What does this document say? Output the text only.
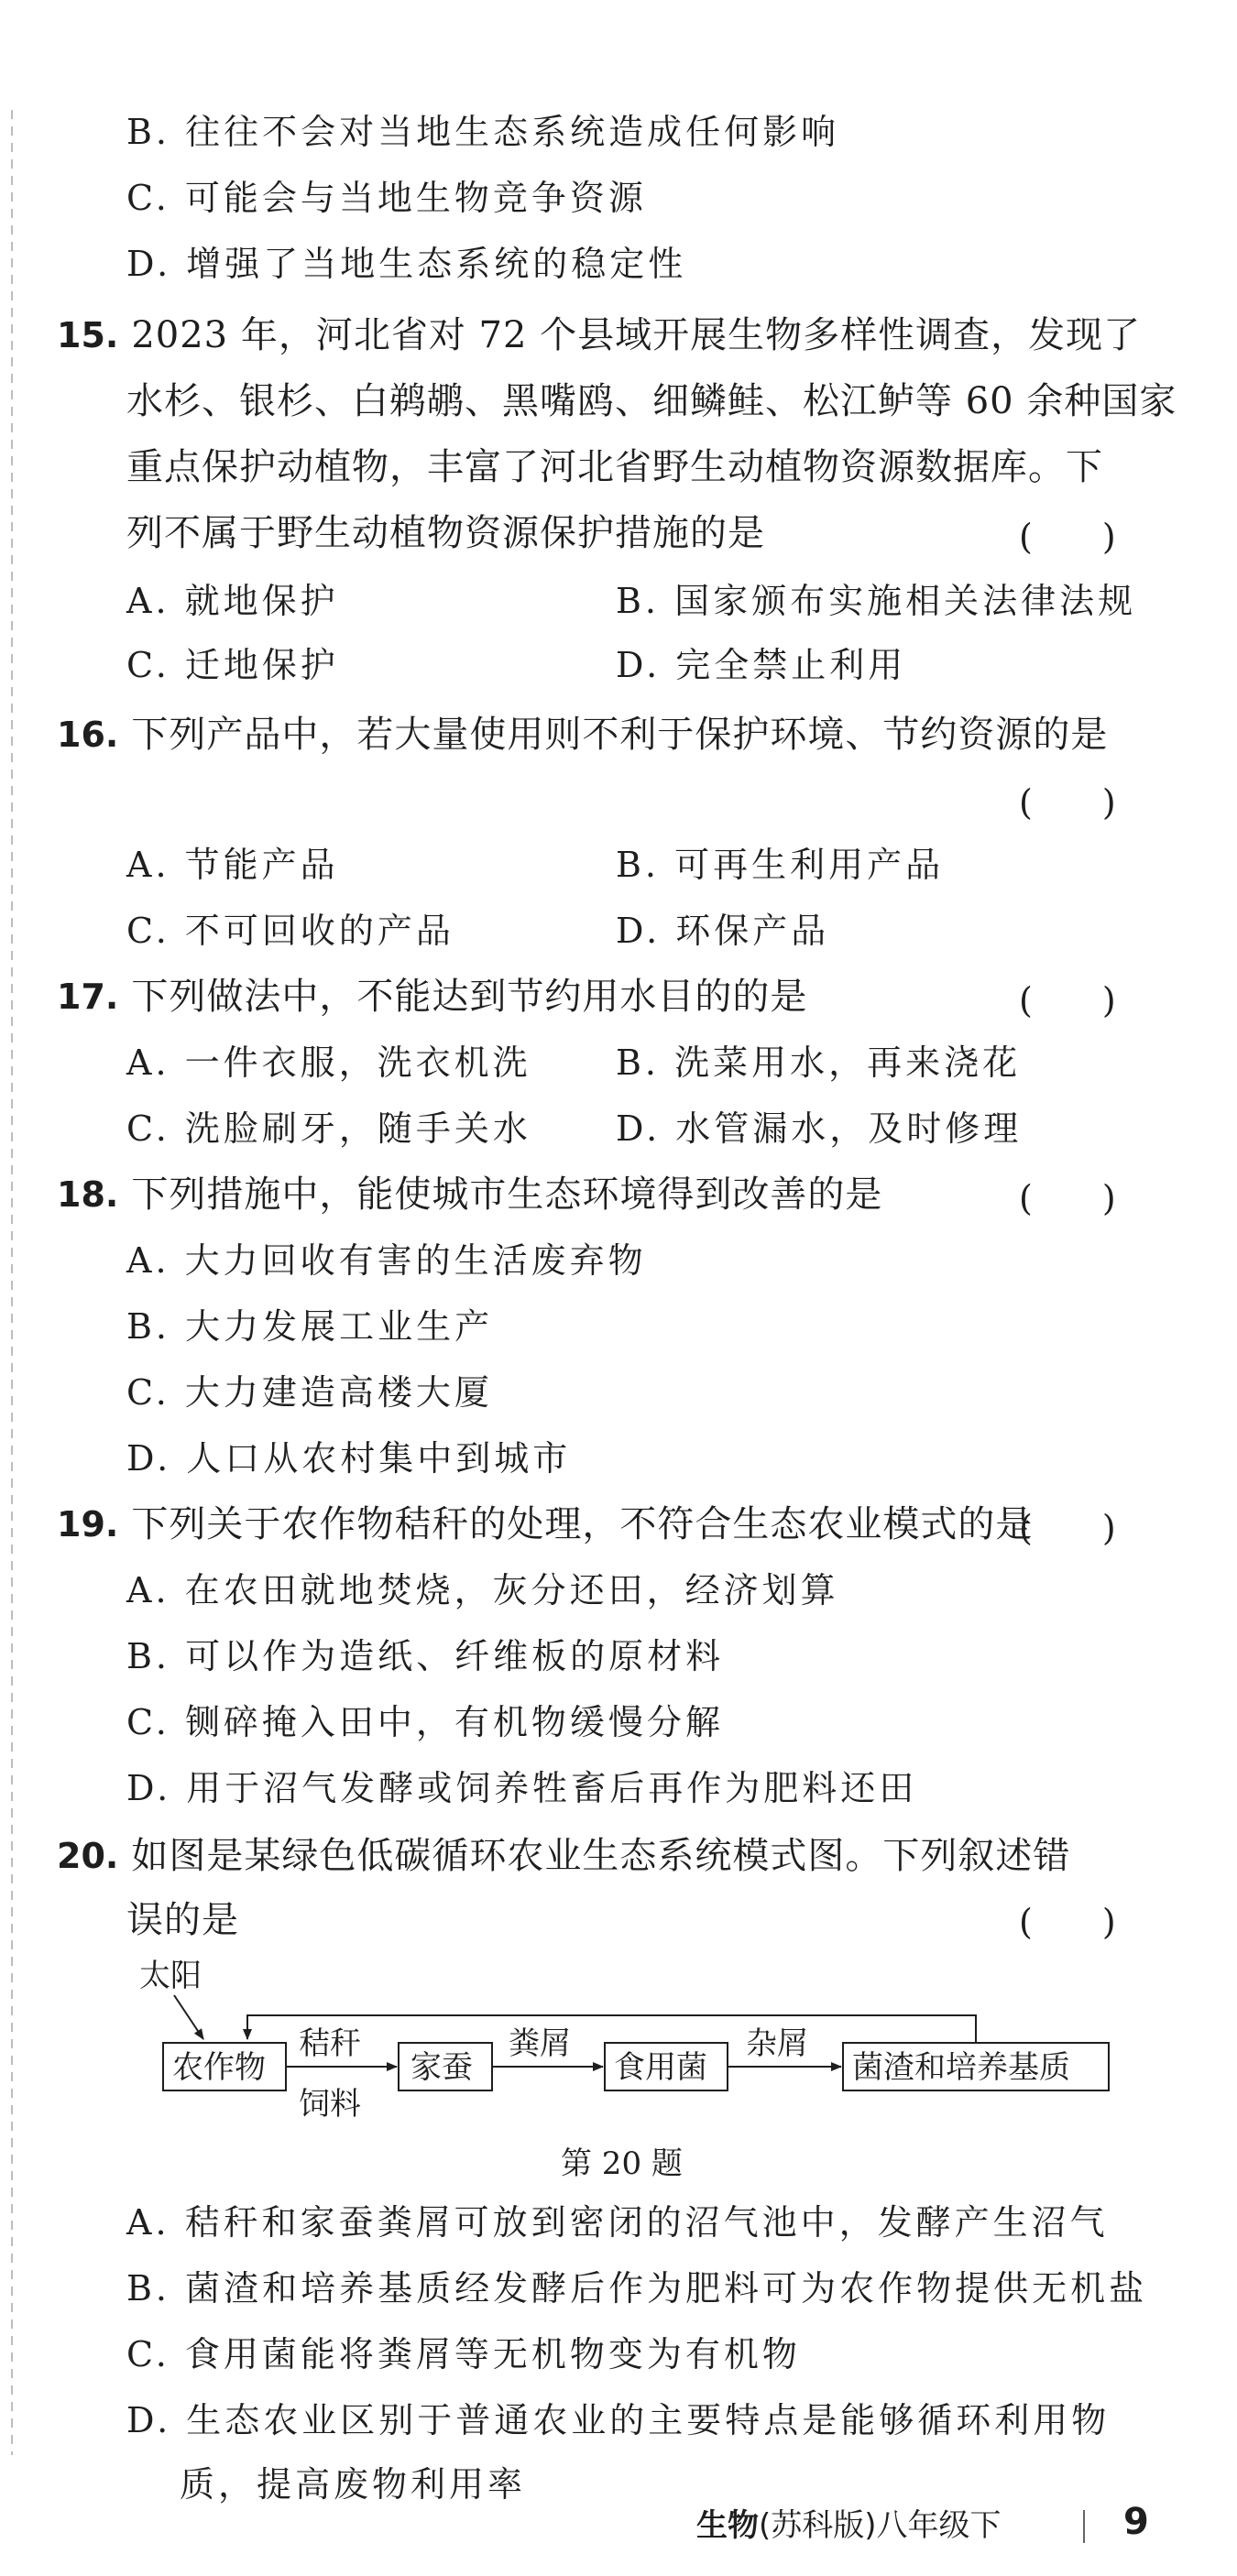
B. 往往不会对当地生态系统造成任何影响
C. 可能会与当地生物竞争资源
D. 增强了当地生态系统的稳定性
15. 2023 年，河北省对 72 个县域开展生物多样性调查，发现了
水杉、银杉、白鹈鹕、黑嘴鸥、细鳞鲑、松江鲈等 60 余种国家
重点保护动植物，丰富了河北省野生动植物资源数据库。下
列不属于野生动植物资源保护措施的是	(　　)
A. 就地保护	B. 国家颁布实施相关法律法规
C. 迁地保护	D. 完全禁止利用
16. 下列产品中，若大量使用则不利于保护环境、节约资源的是
(　　)
A. 节能产品	B. 可再生利用产品
C. 不可回收的产品	D. 环保产品
17. 下列做法中，不能达到节约用水目的的是	(　　)
A. 一件衣服，洗衣机洗 B. 洗菜用水，再来浇花
C. 洗脸刷牙，随手关水 D. 水管漏水，及时修理
18. 下列措施中，能使城市生态环境得到改善的是	(　　)
A. 大力回收有害的生活废弃物
B. 大力发展工业生产
C. 大力建造高楼大厦
D. 人口从农村集中到城市
19. 下列关于农作物秸秆的处理，不符合生态农业模式的是
(　　)
A. 在农田就地焚烧，灰分还田，经济划算
B. 可以作为造纸、纤维板的原材料
C. 铡碎掩入田中，有机物缓慢分解
D. 用于沼气发酵或饲养牲畜后再作为肥料还田
20. 如图是某绿色低碳循环农业生态系统模式图。下列叙述错
误的是	(　　)
太阳
农作物	家蚕	食用菌	菌渣和培养基质
秸秆
饲料
粪屑	杂屑
第 20 题
A. 秸秆和家蚕粪屑可放到密闭的沼气池中，发酵产生沼气
B. 菌渣和培养基质经发酵后作为肥料可为农作物提供无机盐
C. 食用菌能将粪屑等无机物变为有机物
D. 生态农业区别于普通农业的主要特点是能够循环利用物
质，提高废物利用率
生物(苏科版)八年级下	9
